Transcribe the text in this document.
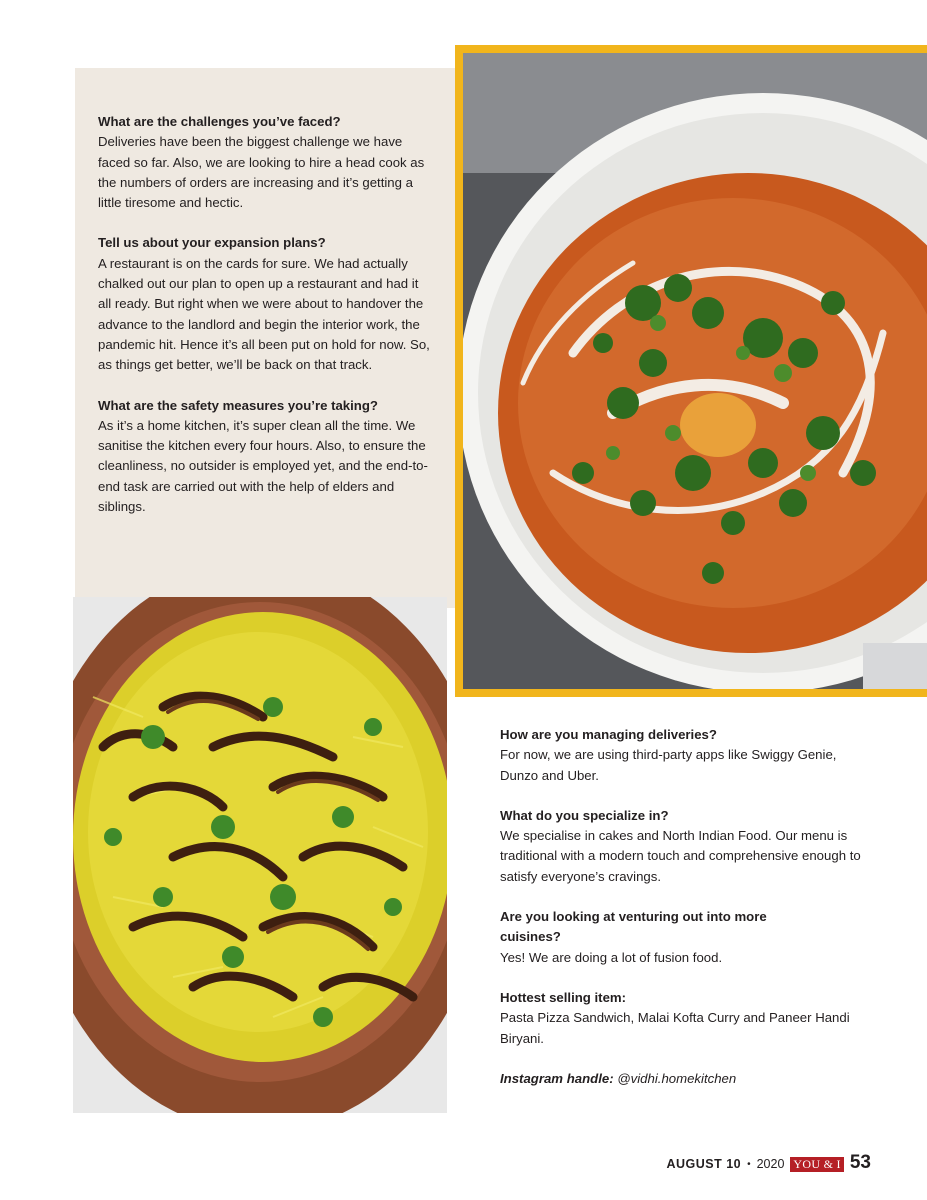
What are the challenges you’ve faced?

Deliveries have been the biggest challenge we have faced so far. Also, we are looking to hire a head cook as the numbers of orders are increasing and it’s getting a little tiresome and hectic.

Tell us about your expansion plans?

A restaurant is on the cards for sure. We had actually chalked out our plan to open up a restaurant and had it all ready. But right when we were about to handover the advance to the landlord and begin the interior work, the pandemic hit. Hence it’s all been put on hold for now. So, as things get better, we’ll be back on that track.

What are the safety measures you’re taking?

As it’s a home kitchen, it’s super clean all the time. We sanitise the kitchen every four hours. Also, to ensure the cleanliness, no outsider is employed yet, and the end-to-end task are carried out with the help of elders and siblings.

How are you managing deliveries?

For now, we are using third-party apps like Swiggy Genie, Dunzo and Uber.

What do you specialize in?

We specialise in cakes and North Indian Food. Our menu is traditional with a modern touch and comprehensive enough to satisfy everyone’s cravings.

Are you looking at venturing out into more cuisines?

Yes! We are doing a lot of fusion food.

Hottest selling item:

Pasta Pizza Sandwich, Malai Kofta Curry and Paneer Handi Biryani.

Instagram handle: @vidhi.homekitchen

AUGUST 10 • 2020 YOU & I 53
